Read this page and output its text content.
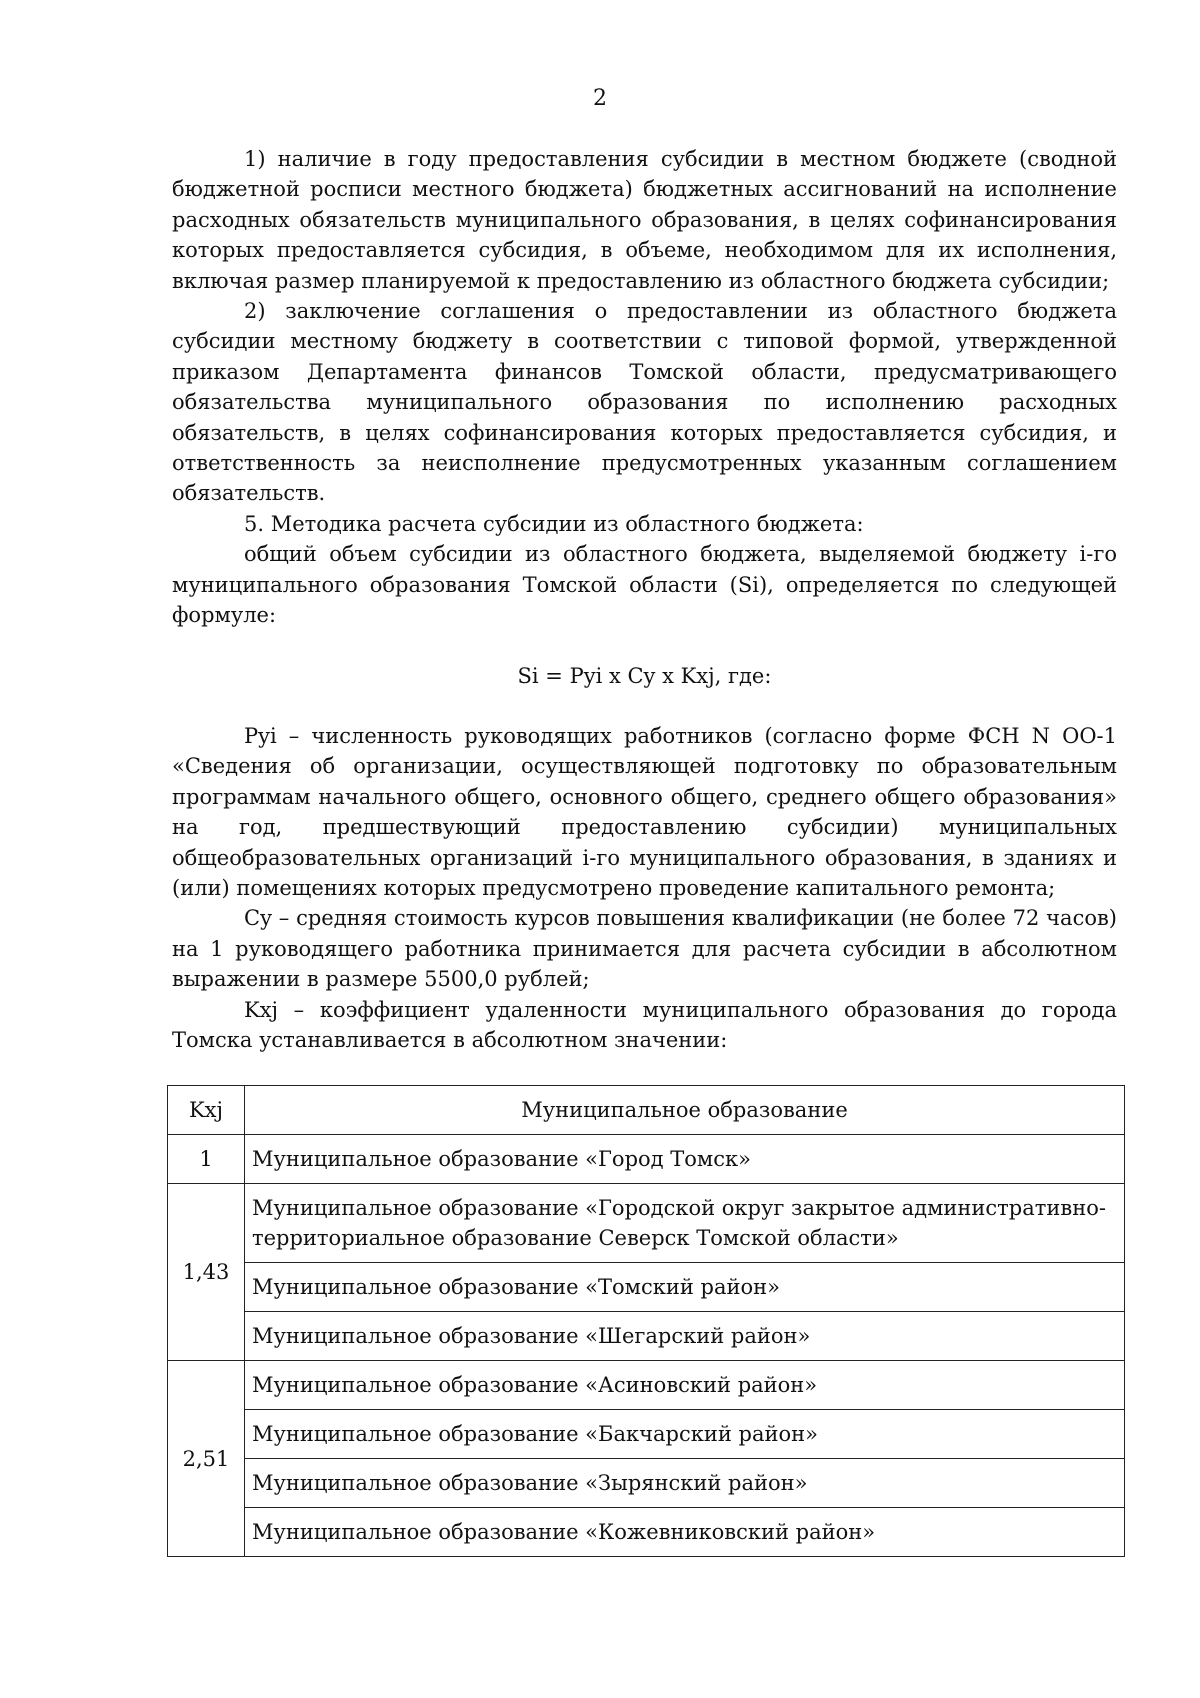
2

1) наличие в году предоставления субсидии в местном бюджете (сводной бюджетной росписи местного бюджета) бюджетных ассигнований на исполнение расходных обязательств муниципального образования, в целях софинансирования которых предоставляется субсидия, в объеме, необходимом для их исполнения, включая размер планируемой к предоставлению из областного бюджета субсидии;

2) заключение соглашения о предоставлении из областного бюджета субсидии местному бюджету в соответствии с типовой формой, утвержденной приказом Департамента финансов Томской области, предусматривающего обязательства муниципального образования по исполнению расходных обязательств, в целях софинансирования которых предоставляется субсидия, и ответственность за неисполнение предусмотренных указанным соглашением обязательств.

5. Методика расчета субсидии из областного бюджета:

общий объем субсидии из областного бюджета, выделяемой бюджету i-го муниципального образования Томской области (Si), определяется по следующей формуле:

Si = Pyi x Cy x Kxj, где:

Pyi – численность руководящих работников (согласно форме ФСН N ОО-1 «Сведения об организации, осуществляющей подготовку по образовательным программам начального общего, основного общего, среднего общего образования» на год, предшествующий предоставлению субсидии) муниципальных общеобразовательных организаций i-го муниципального образования, в зданиях и (или) помещениях которых предусмотрено проведение капитального ремонта;

Cy – средняя стоимость курсов повышения квалификации (не более 72 часов) на 1 руководящего работника принимается для расчета субсидии в абсолютном выражении в размере 5500,0 рублей;

Kxj – коэффициент удаленности муниципального образования до города Томска устанавливается в абсолютном значении:

Kxj	Муниципальное образование
1	Муниципальное образование «Город Томск»
1,43	Муниципальное образование «Городской округ закрытое административно-территориальное образование Северск Томской области»
	Муниципальное образование «Томский район»
	Муниципальное образование «Шегарский район»
2,51	Муниципальное образование «Асиновский район»
	Муниципальное образование «Бакчарский район»
	Муниципальное образование «Зырянский район»
	Муниципальное образование «Кожевниковский район»
